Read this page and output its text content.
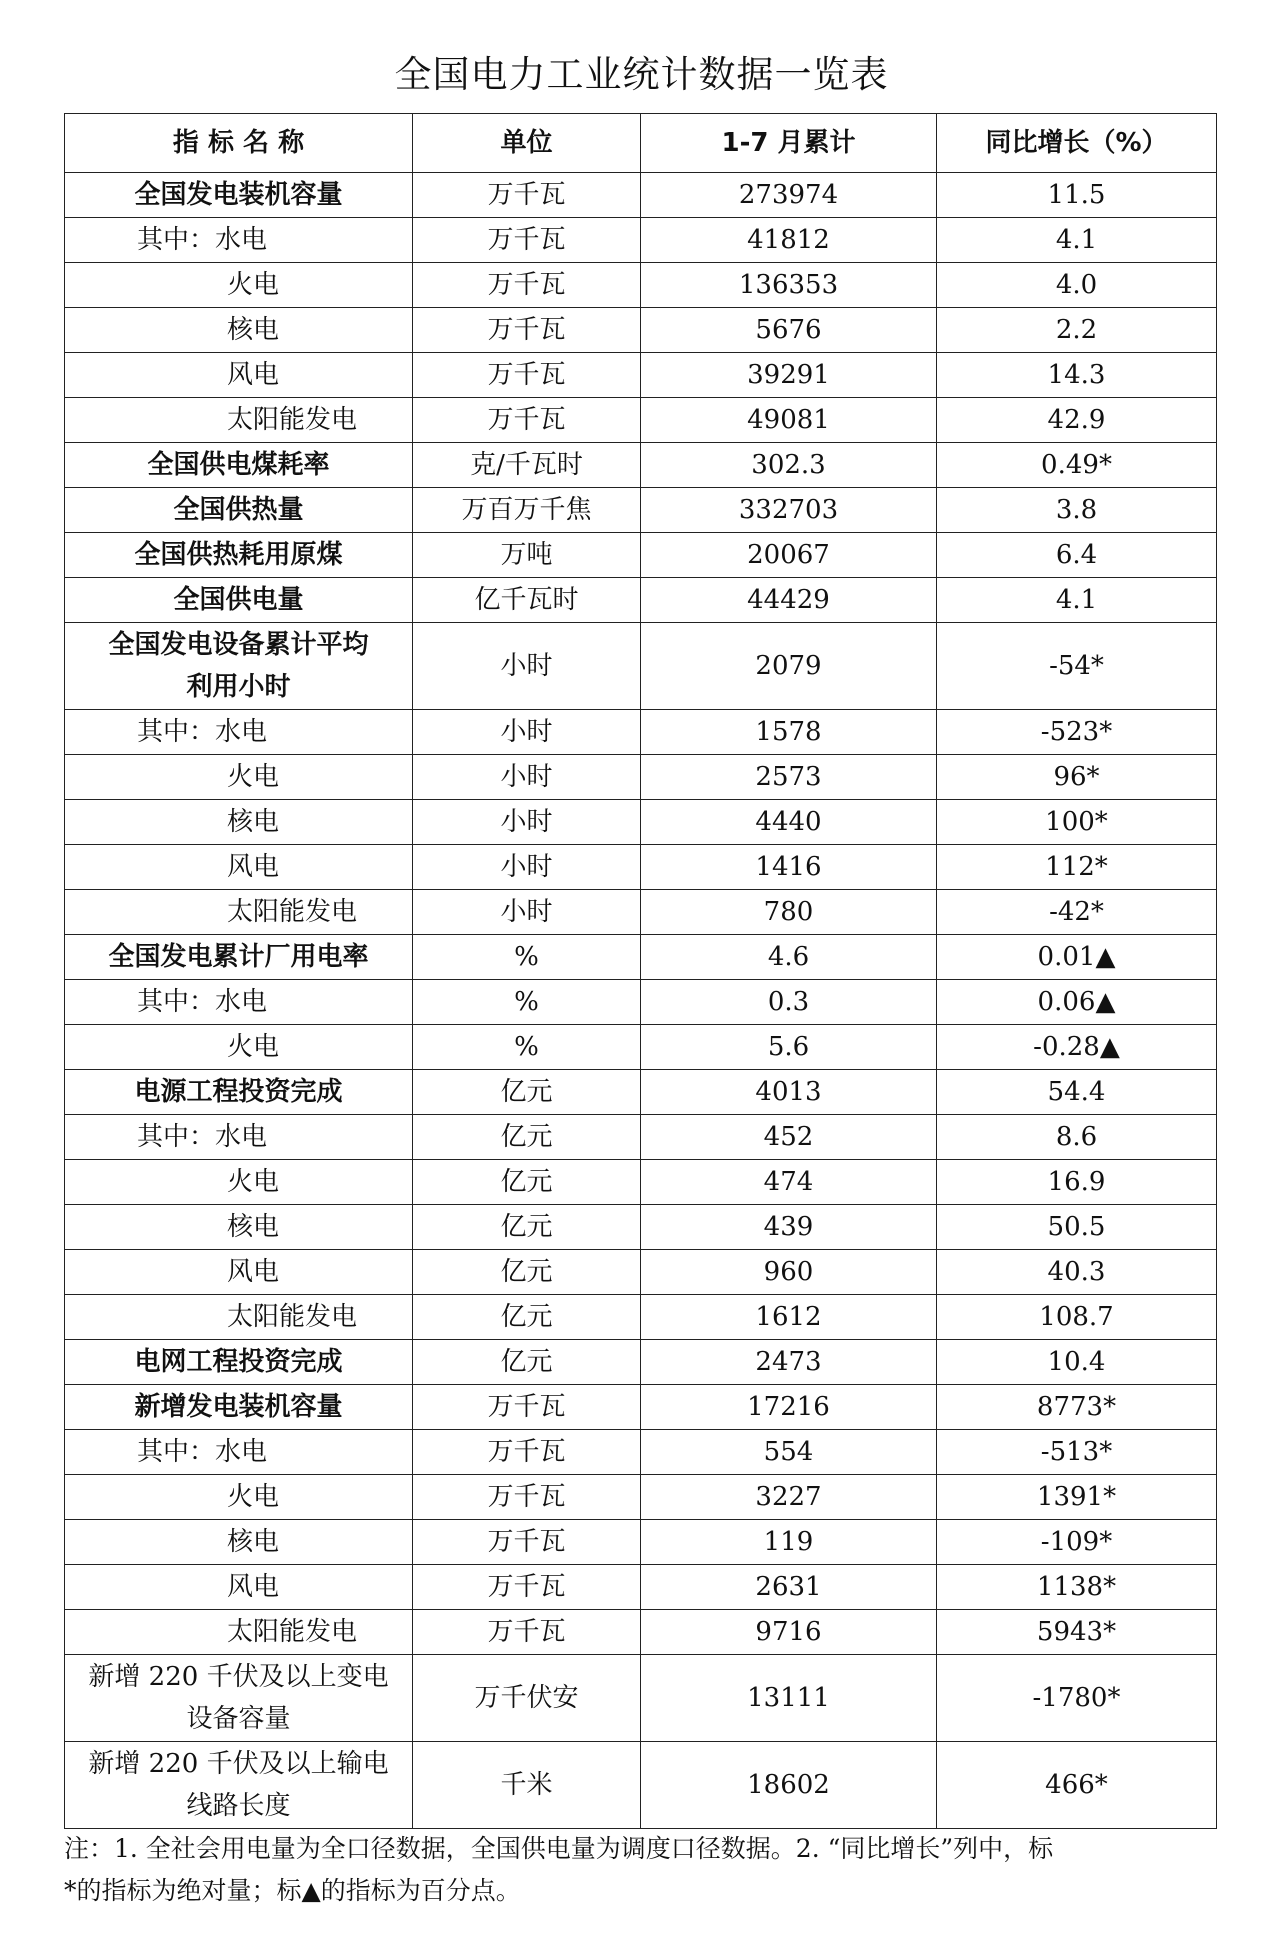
全国电力工业统计数据一览表
指 标 名 称	单位	1-7 月累计	同比增长（%）

全国发电装机容量	万千瓦	273974	11.5

其中：水电	万千瓦	41812	4.1

火电	万千瓦	136353	4.0

核电	万千瓦	5676	2.2

风电	万千瓦	39291	14.3

太阳能发电	万千瓦	49081	42.9

全国供电煤耗率	克/千瓦时	302.3	0.49*

全国供热量	万百万千焦	332703	3.8

全国供热耗用原煤	万吨	20067	6.4

全国供电量	亿千瓦时	44429	4.1

全国发电设备累计平均
利用小时	小时	2079	-54*

其中：水电	小时	1578	-523*

火电	小时	2573	96*

核电	小时	4440	100*

风电	小时	1416	112*

太阳能发电	小时	780	-42*

全国发电累计厂用电率	%	4.6	0.01▲

其中：水电	%	0.3	0.06▲

火电	%	5.6	-0.28▲

电源工程投资完成	亿元	4013	54.4

其中：水电	亿元	452	8.6

火电	亿元	474	16.9

核电	亿元	439	50.5

风电	亿元	960	40.3

太阳能发电	亿元	1612	108.7

电网工程投资完成	亿元	2473	10.4

新增发电装机容量	万千瓦	17216	8773*

其中：水电	万千瓦	554	-513*

火电	万千瓦	3227	1391*

核电	万千瓦	119	-109*

风电	万千瓦	2631	1138*

太阳能发电	万千瓦	9716	5943*

新增 220 千伏及以上变电
设备容量	万千伏安	13111	-1780*

新增 220 千伏及以上输电
线路长度	千米	18602	466*

注：1. 全社会用电量为全口径数据，全国供电量为调度口径数据。2. “同比增长”列中，标

*的指标为绝对量；标▲的指标为百分点。
